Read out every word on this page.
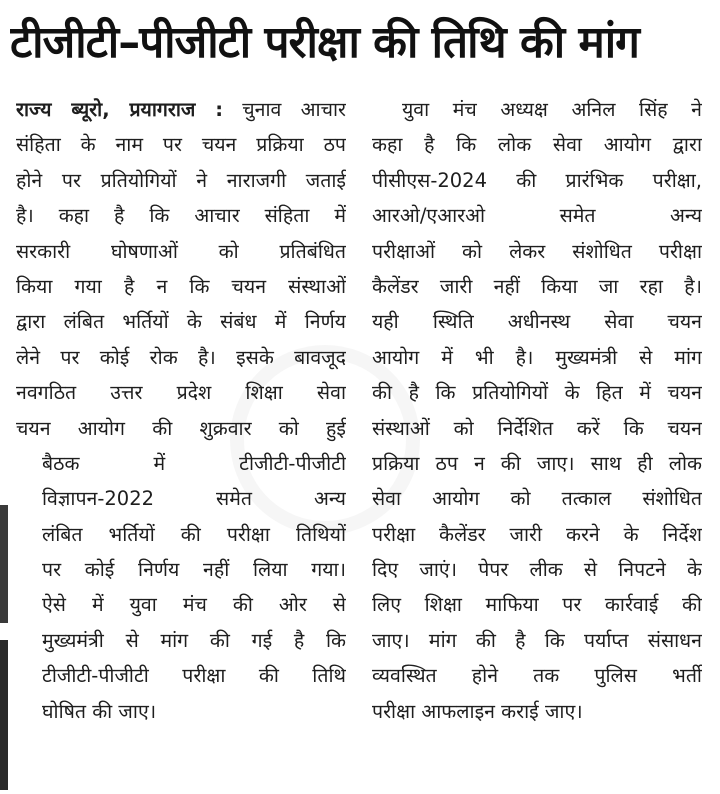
टीजीटी–पीजीटी परीक्षा की तिथि की मांग
राज्य ब्यूरो, प्रयागराज : चुनाव आचार
संहिता के नाम पर चयन प्रक्रिया ठप
होने पर प्रतियोगियों ने नाराजगी जताई
है। कहा है कि आचार संहिता में
सरकारी घोषणाओं को प्रतिबंधित
किया गया है न कि चयन संस्थाओं
द्वारा लंबित भर्तियों के संबंध में निर्णय
लेने पर कोई रोक है। इसके बावजूद
नवगठित उत्तर प्रदेश शिक्षा सेवा
चयन आयोग की शुक्रवार को हुई
बैठक में टीजीटी-पीजीटी
विज्ञापन-2022 समेत अन्य
लंबित भर्तियों की परीक्षा तिथियों
पर कोई निर्णय नहीं लिया गया।
ऐसे में युवा मंच की ओर से
मुख्यमंत्री से मांग की गई है कि
टीजीटी-पीजीटी परीक्षा की तिथि
घोषित की जाए।
युवा मंच अध्यक्ष अनिल सिंह ने
कहा है कि लोक सेवा आयोग द्वारा
पीसीएस-2024 की प्रारंभिक परीक्षा,
आरओ/एआरओ समेत अन्य
परीक्षाओं को लेकर संशोधित परीक्षा
कैलेंडर जारी नहीं किया जा रहा है।
यही स्थिति अधीनस्थ सेवा चयन
आयोग में भी है। मुख्यमंत्री से मांग
की है कि प्रतियोगियों के हित में चयन
संस्थाओं को निर्देशित करें कि चयन
प्रक्रिया ठप न की जाए। साथ ही लोक
सेवा आयोग को तत्काल संशोधित
परीक्षा कैलेंडर जारी करने के निर्देश
दिए जाएं। पेपर लीक से निपटने के
लिए शिक्षा माफिया पर कार्रवाई की
जाए। मांग की है कि पर्याप्त संसाधन
व्यवस्थित होने तक पुलिस भर्ती
परीक्षा आफलाइन कराई जाए।
